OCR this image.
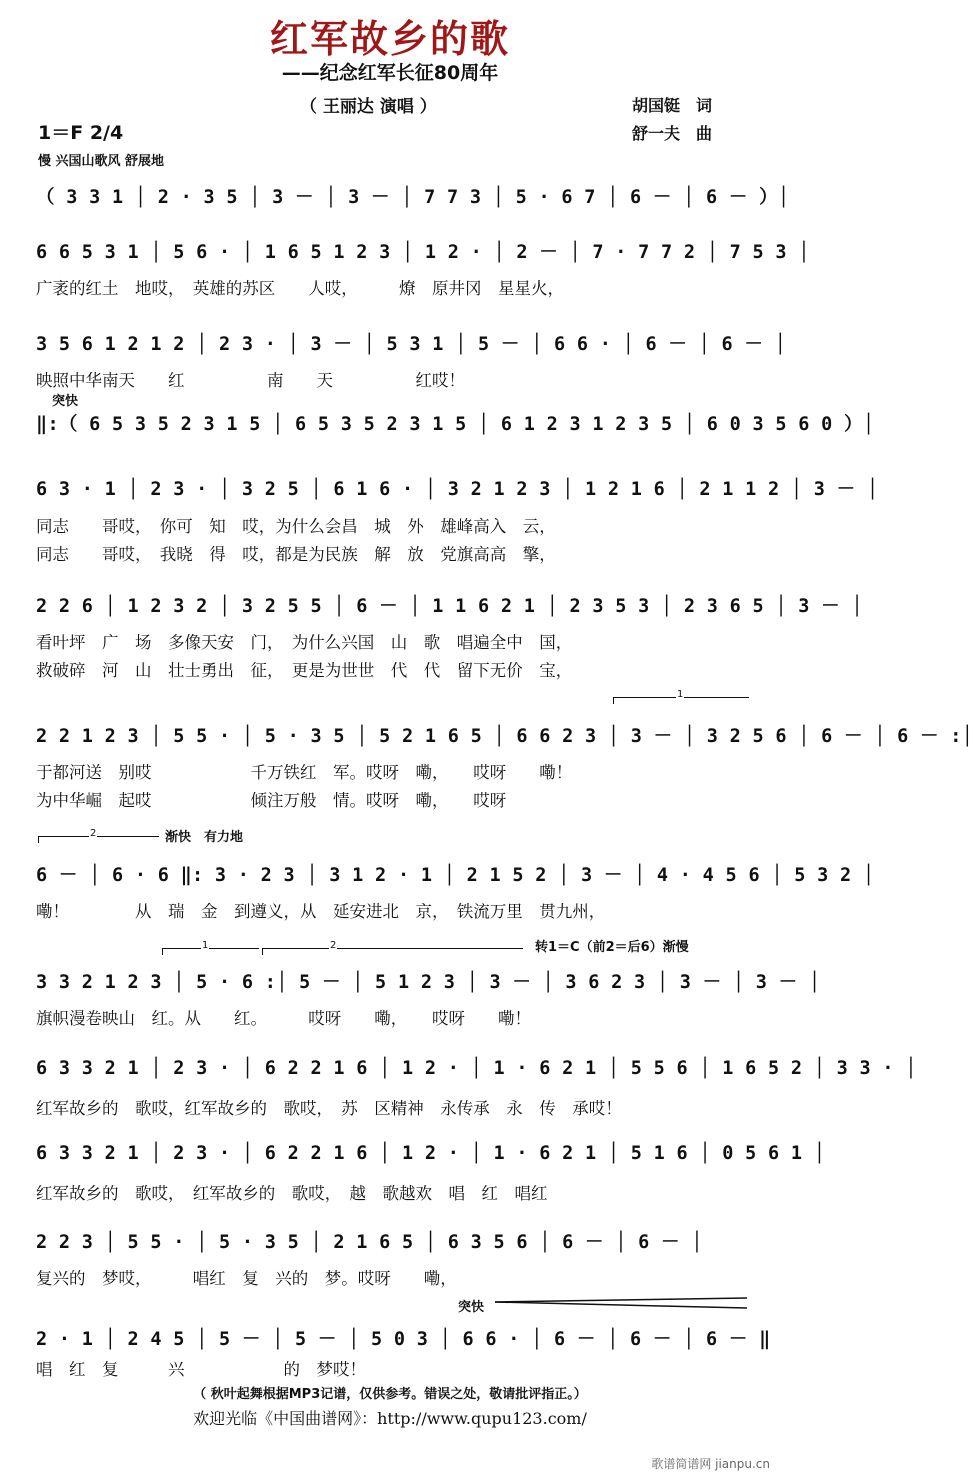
红军故乡的歌
——纪念红军长征80周年
（ 王丽达 演唱 ）	胡国铤　词
舒一夫　曲
1＝F 2/4
慢 兴国山歌风 舒展地
（ 3 3 1 │ 2 · 3 5 │ 3 － │ 3 － │ 7 7 3 │ 5 · 6 7 │ 6 － │ 6 － ）│
6 6 5 3 1 │ 5 6 · │ 1 6 5 1 2 3 │ 1 2 · │ 2 － │ 7 · 7 7 2 │ 7 5 3 │
广袤的红土　地哎，　英雄的苏区　　人哎，　　　燎　原井冈　星星火，
3 5 6 1 2 1 2 │ 2 3 · │ 3 － │ 5 3 1 │ 5 － │ 6 6 · │ 6 － │ 6 － │
映照中华南天　　红　　　　　南　　天　　　　　红哎！
突快
‖:（ 6 5 3 5 2 3 1 5 │ 6 5 3 5 2 3 1 5 │ 6 1 2 3 1 2 3 5 │ 6 0 3 5 6 0 ）│
6 3 · 1 │ 2 3 · │ 3 2 5 │ 6 1 6 · │ 3 2 1 2 3 │ 1 2 1 6 │ 2 1 1 2 │ 3 － │
同志　　哥哎，　你可　知　哎，为什么会昌　城　外　雄峰高入　云，
同志　　哥哎，　我晓　得　哎，都是为民族　解　放　党旗高高　擎，
2 2 6 │ 1 2 3 2 │ 3 2 5 5 │ 6 － │ 1 1 6 2 1 │ 2 3 5 3 │ 2 3 6 5 │ 3 － │
看叶坪　广　场　多像天安　门，　为什么兴国　山　歌　唱遍全中　国，
救破碎　河　山　壮士勇出　征，　更是为世世　代　代　留下无价　宝，
1
2 2 1 2 3 │ 5 5 · │ 5 · 3 5 │ 5 2 1 6 5 │ 6 6 2 3 │ 3 － │ 3 2 5 6 │ 6 － │ 6 － :│
于都河送　别哎　　　　　　千万铁红　军。哎呀　嘞，　　哎呀　　嘞！
为中华崛　起哎　　　　　　倾注万般　情。哎呀　嘞，　　哎呀
2	渐快　有力地
6 － │ 6 · 6 ‖: 3 · 2 3 │ 3 1 2 · 1 │ 2 1 5 2 │ 3 － │ 4 · 4 5 6 │ 5 3 2 │
嘞！　　　　从　瑞　金　到遵义，从　延安进北　京，　铁流万里　贯九州，
1	2	转1＝C（前2＝后6）渐慢
3 3 2 1 2 3 │ 5 · 6 :│ 5 － │ 5 1 2 3 │ 3 － │ 3 6 2 3 │ 3 － │ 3 － │
旗帜漫卷映山　红。从　　红。　　　哎呀　　嘞，　　哎呀　　嘞！
6 3 3 2 1 │ 2 3 · │ 6 2 2 1 6 │ 1 2 · │ 1 · 6 2 1 │ 5 5 6 │ 1 6 5 2 │ 3 3 · │
红军故乡的　歌哎，红军故乡的　歌哎，　苏　区精神　永传承　永　传　承哎！
6 3 3 2 1 │ 2 3 · │ 6 2 2 1 6 │ 1 2 · │ 1 · 6 2 1 │ 5 1 6 │ 0 5 6 1 │
红军故乡的　歌哎，　红军故乡的　歌哎，　越　歌越欢　唱　红　唱红
2 2 3 │ 5 5 · │ 5 · 3 5 │ 2 1 6 5 │ 6 3 5 6 │ 6 － │ 6 － │
复兴的　梦哎，　　　唱红　复　兴的　梦。哎呀　　嘞，
突快
2 · 1 │ 2 4 5 │ 5 － │ 5 － │ 5 0 3 │ 6 6 · │ 6 － │ 6 － │ 6 － ‖
唱　红　复　　　兴　　　　　　的　梦哎！
（ 秋叶起舞根据MP3记谱，仅供参考。错误之处，敬请批评指正。）
欢迎光临《中国曲谱网》：http://www.qupu123.com/
歌谱简谱网 jianpu.cn
